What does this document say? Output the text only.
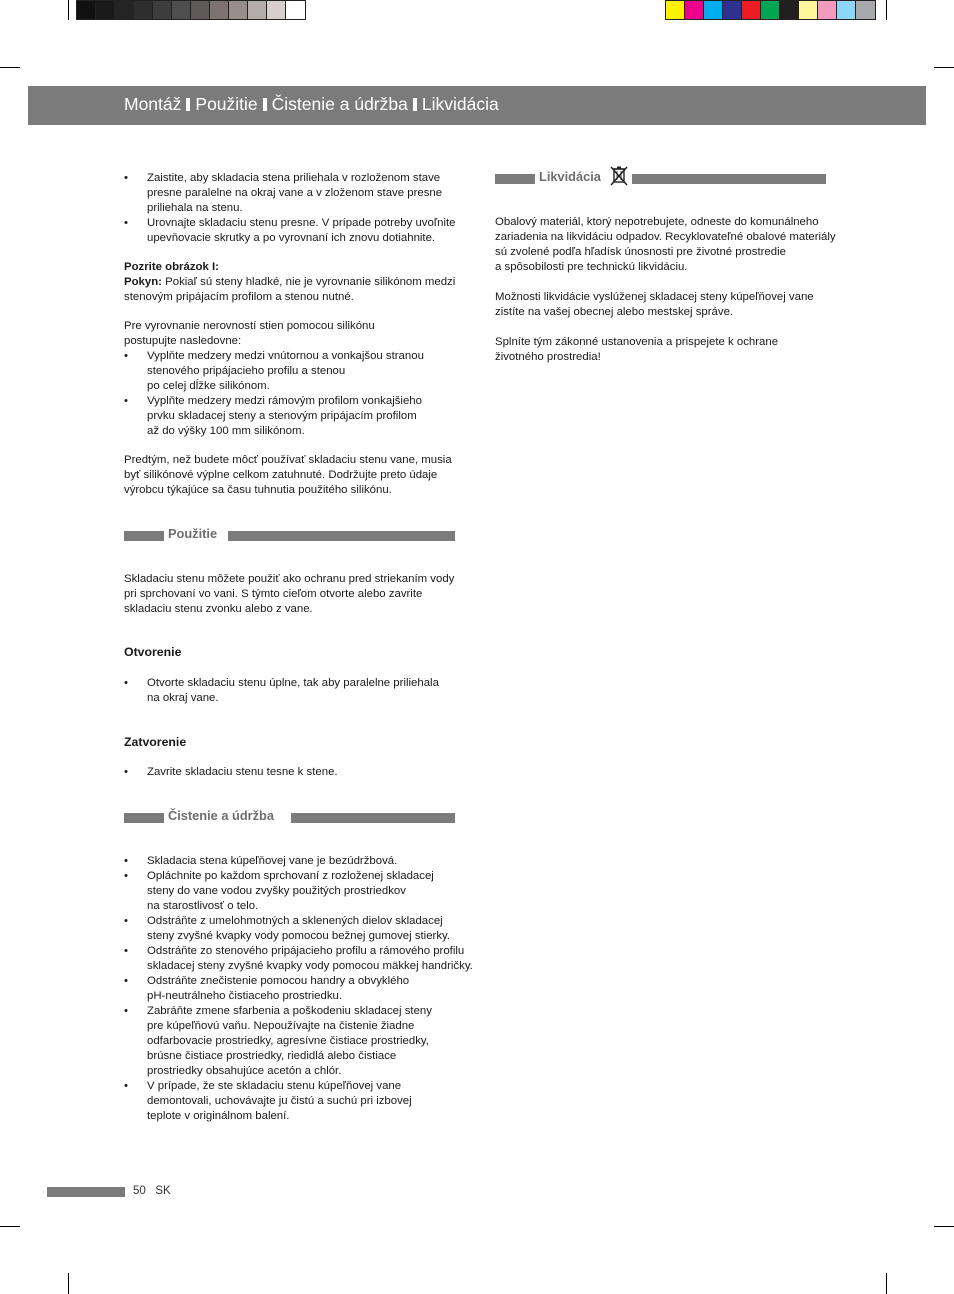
Montáž Použitie Čistenie a údržba Likvidácia
• Zaistite, aby skladacia stena priliehala v rozloženom stave
presne paralelne na okraj vane a v zloženom stave presne
priliehala na stenu.
• Urovnajte skladaciu stenu presne. V prípade potreby uvoľnite
upevňovacie skrutky a po vyrovnaní ich znovu dotiahnite.
Pozrite obrázok I:
Pokyn: Pokiaľ sú steny hladké, nie je vyrovnanie silikónom medzi
stenovým pripájacím profilom a stenou nutné.
Pre vyrovnanie nerovností stien pomocou silikónu
postupujte nasledovne:
• Vyplňte medzery medzi vnútornou a vonkajšou stranou
stenového pripájacieho profilu a stenou
po celej dĺžke silikónom.
• Vyplňte medzery medzi rámovým profilom vonkajšieho
prvku skladacej steny a stenovým pripájacím profilom
až do výšky 100 mm silikónom.
Predtým, než budete môcť používať skladaciu stenu vane, musia
byť silikónové výplne celkom zatuhnuté. Dodržujte preto údaje
výrobcu týkajúce sa času tuhnutia použitého silikónu.
Použitie
Skladaciu stenu môžete použiť ako ochranu pred striekaním vody
pri sprchovaní vo vani. S týmto cieľom otvorte alebo zavrite
skladaciu stenu zvonku alebo z vane.
Otvorenie
• Otvorte skladaciu stenu úplne, tak aby paralelne priliehala
na okraj vane.
Zatvorenie
• Zavrite skladaciu stenu tesne k stene.
Čistenie a údržba
• Skladacia stena kúpeľňovej vane je bezúdržbová.
• Opláchnite po každom sprchovaní z rozloženej skladacej
steny do vane vodou zvyšky použitých prostriedkov
na starostlivosť o telo.
• Odstráňte z umelohmotných a sklenených dielov skladacej
steny zvyšné kvapky vody pomocou bežnej gumovej stierky.
• Odstráňte zo stenového pripájacieho profilu a rámového profilu
skladacej steny zvyšné kvapky vody pomocou mäkkej handričky.
• Odstráňte znečistenie pomocou handry a obvyklého
pH-neutrálneho čistiaceho prostriedku.
• Zabráňte zmene sfarbenia a poškodeniu skladacej steny
pre kúpeľňovú vaňu. Nepoužívajte na čistenie žiadne
odfarbovacie prostriedky, agresívne čistiace prostriedky,
brúsne čistiace prostriedky, riedidlá alebo čistiace
prostriedky obsahujúce acetón a chlór.
• V prípade, že ste skladaciu stenu kúpeľňovej vane
demontovali, uchovávajte ju čistú a suchú pri izbovej
teplote v originálnom balení.
Likvidácia
Obalový materiál, ktorý nepotrebujete, odneste do komunálneho
zariadenia na likvidáciu odpadov. Recyklovateľné obalové materiály
sú zvolené podľa hľadísk únosnosti pre životné prostredie
a spôsobilosti pre technickú likvidáciu.
Možnosti likvidácie vyslúženej skladacej steny kúpeľňovej vane
zistíte na vašej obecnej alebo mestskej správe.
Splníte tým zákonné ustanovenia a prispejete k ochrane
životného prostredia!
50 SK
